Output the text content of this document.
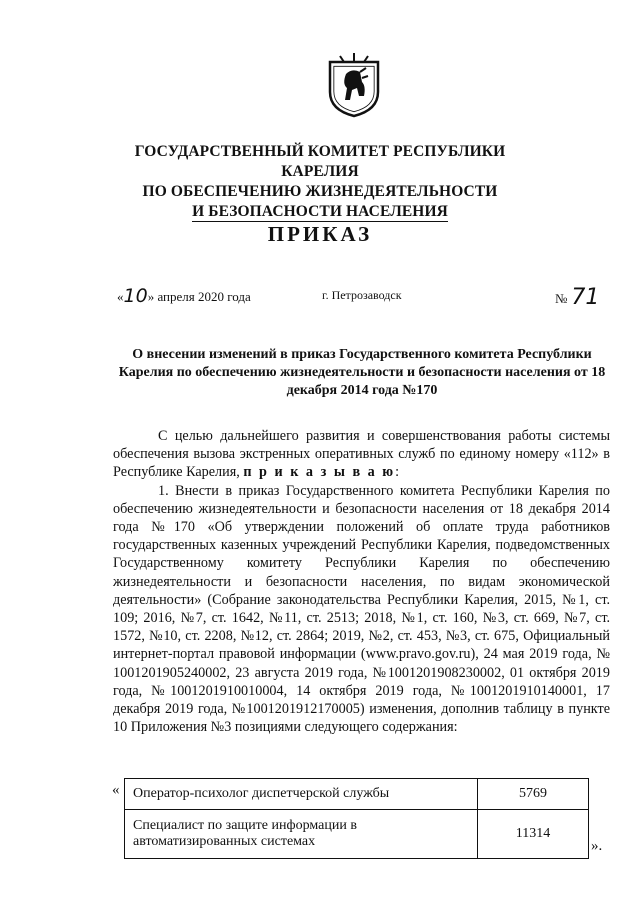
ГОСУДАРСТВЕННЫЙ КОМИТЕТ РЕСПУБЛИКИ КАРЕЛИЯ
ПО ОБЕСПЕЧЕНИЮ ЖИЗНЕДЕЯТЕЛЬНОСТИ
И БЕЗОПАСНОСТИ НАСЕЛЕНИЯ
ПРИКАЗ
«10» апреля 2020 года	г. Петрозаводск	№ 71
О внесении изменений в приказ Государственного комитета Республики Карелия по обеспечению жизнедеятельности и безопасности населения от 18 декабря 2014 года №170

С целью дальнейшего развития и совершенствования работы системы обеспечения вызова экстренных оперативных служб по единому номеру «112» в Республике Карелия, п р и к а з ы в а ю:

1. Внести в приказ Государственного комитета Республики Карелия по обеспечению жизнедеятельности и безопасности населения от 18 декабря 2014 года №170 «Об утверждении положений об оплате труда работников государственных казенных учреждений Республики Карелия, подведомственных Государственному комитету Республики Карелия по обеспечению жизнедеятельности и безопасности населения, по видам экономической деятельности» (Собрание законодательства Республики Карелия, 2015, №1, ст. 109; 2016, №7, ст. 1642, №11, ст. 2513; 2018, №1, ст. 160, №3, ст. 669, №7, ст. 1572, №10, ст. 2208, №12, ст. 2864; 2019, №2, ст. 453, №3, ст. 675, Официальный интернет-портал правовой информации (www.pravo.gov.ru), 24 мая 2019 года, № 1001201905240002, 23 августа 2019 года, №1001201908230002, 01 октября 2019 года, №1001201910010004, 14 октября 2019 года, №1001201910140001, 17 декабря 2019 года, №1001201912170005) изменения, дополнив таблицу в пункте 10 Приложения №3 позициями следующего содержания:

« Оператор-психолог диспетчерской службы	5769
Специалист по защите информации в автоматизированных системах	11314
».
